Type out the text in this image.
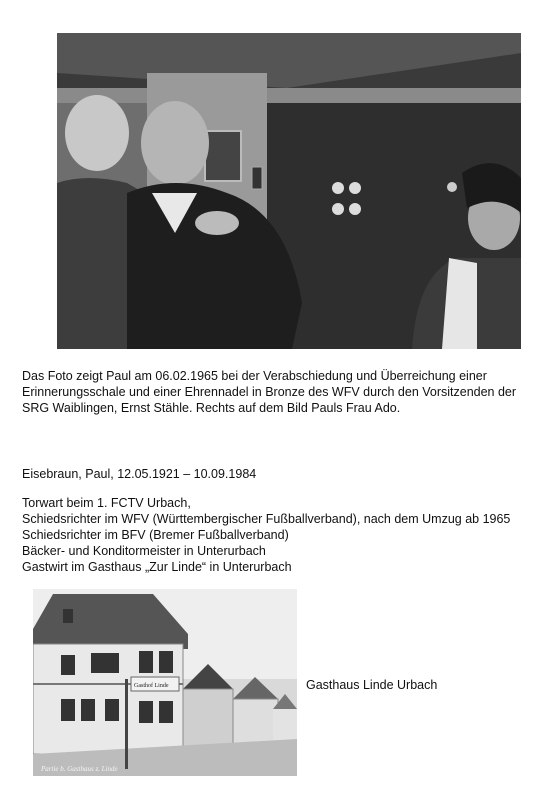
Das Foto zeigt Paul am 06.02.1965 bei der Verabschiedung und Überreichung einer
Erinnerungsschale und einer Ehrennadel in Bronze des WFV durch den Vorsitzenden der
SRG Waiblingen, Ernst Stähle. Rechts auf dem Bild Pauls Frau Ado.
Eisebraun, Paul, 12.05.1921 – 10.09.1984
Torwart beim 1. FCTV Urbach,
Schiedsrichter im WFV (Württembergischer Fußballverband), nach dem Umzug ab 1965
Schiedsrichter im BFV (Bremer Fußballverband)
Bäcker- und Konditormeister in Unterurbach
Gastwirt im Gasthaus „Zur Linde“ in Unterurbach
Gasthof Linde
Partie b. Gasthaus z. Linde
Gasthaus Linde Urbach
